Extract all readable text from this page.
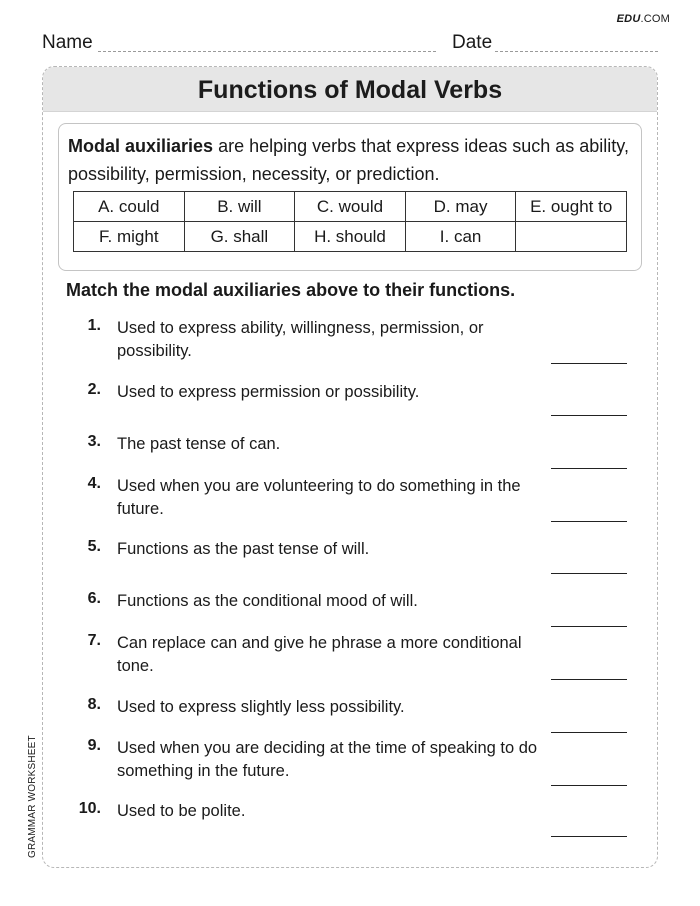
EDU.COM
Name	Date
Functions of Modal Verbs
Modal auxiliaries are helping verbs that express ideas such as ability, possibility, permission, necessity, or prediction.
A. could	B. will	C. would	D. may	E. ought to
F. might	G. shall	H. should	I. can	
Match the modal auxiliaries above to their functions.
1. Used to express ability, willingness, permission, or possibility.
2. Used to express permission or possibility.
3. The past tense of can.
4. Used when you are volunteering to do something in the future.
5. Functions as the past tense of will.
6. Functions as the conditional mood of will.
7. Can replace can and give he phrase a more conditional tone.
8. Used to express slightly less possibility.
9. Used when you are deciding at the time of speaking to do something in the future.
10. Used to be polite.
GRAMMAR WORKSHEET
